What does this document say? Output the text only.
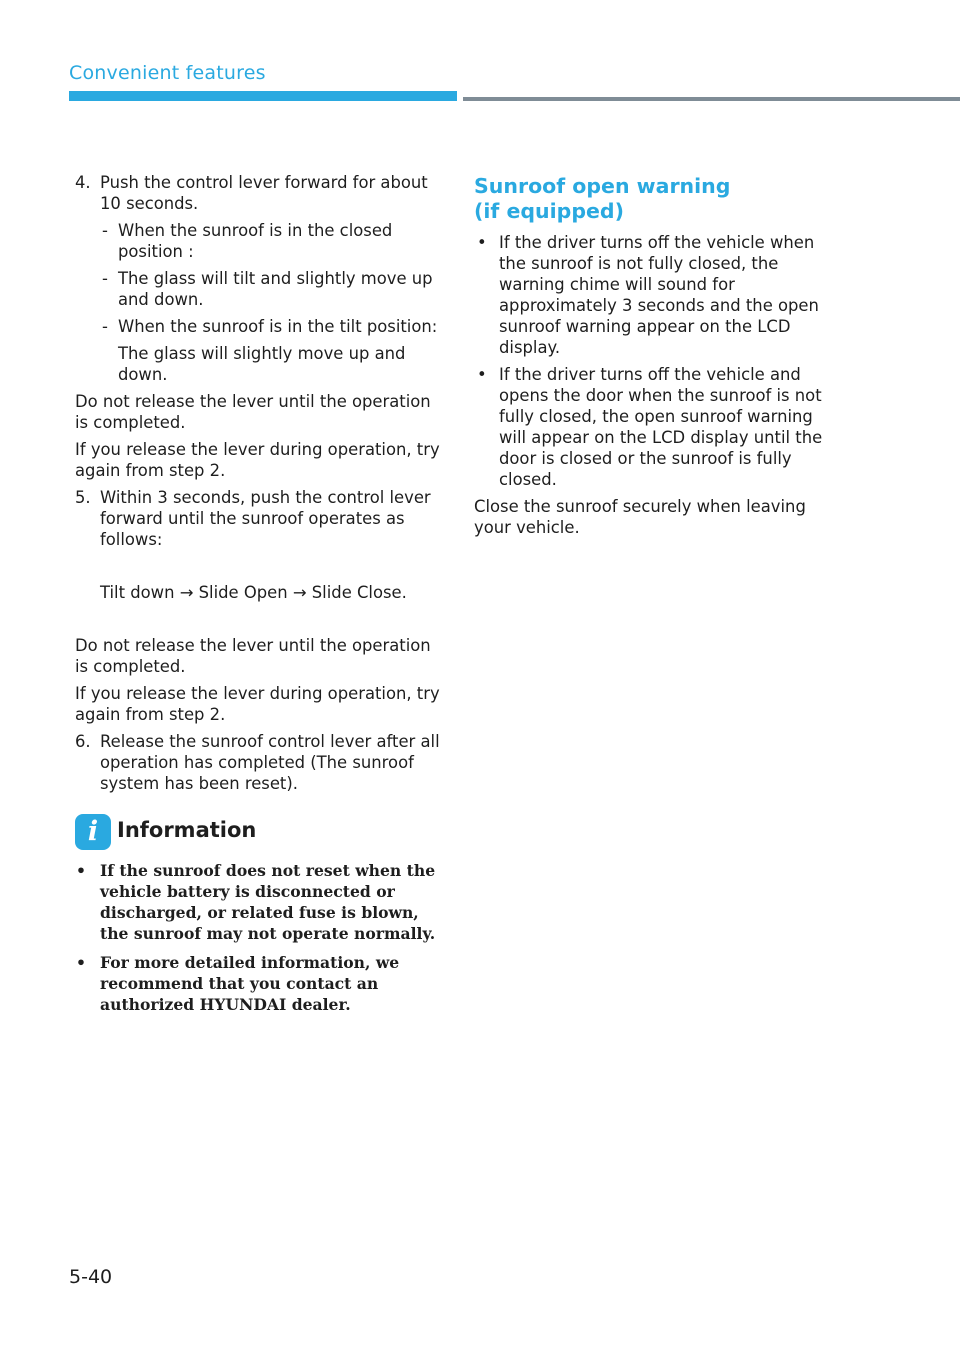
Convenient features
4. Push the control lever forward for about 10 seconds.
- When the sunroof is in the closed position :
- The glass will tilt and slightly move up and down.
- When the sunroof is in the tilt position:
The glass will slightly move up and down.
Do not release the lever until the operation is completed.
If you release the lever during operation, try again from step 2.
5. Within 3 seconds, push the control lever forward until the sunroof operates as follows:
Tilt down → Slide Open → Slide Close.
Do not release the lever until the operation is completed.
If you release the lever during operation, try again from step 2.
6. Release the sunroof control lever after all operation has completed (The sunroof system has been reset).
i Information
• If the sunroof does not reset when the vehicle battery is disconnected or discharged, or related fuse is blown, the sunroof may not operate normally.
• For more detailed information, we recommend that you contact an authorized HYUNDAI dealer.
Sunroof open warning
(if equipped)
• If the driver turns off the vehicle when the sunroof is not fully closed, the warning chime will sound for approximately 3 seconds and the open sunroof warning appear on the LCD display.
• If the driver turns off the vehicle and opens the door when the sunroof is not fully closed, the open sunroof warning will appear on the LCD display until the door is closed or the sunroof is fully closed.
Close the sunroof securely when leaving your vehicle.
5-40
